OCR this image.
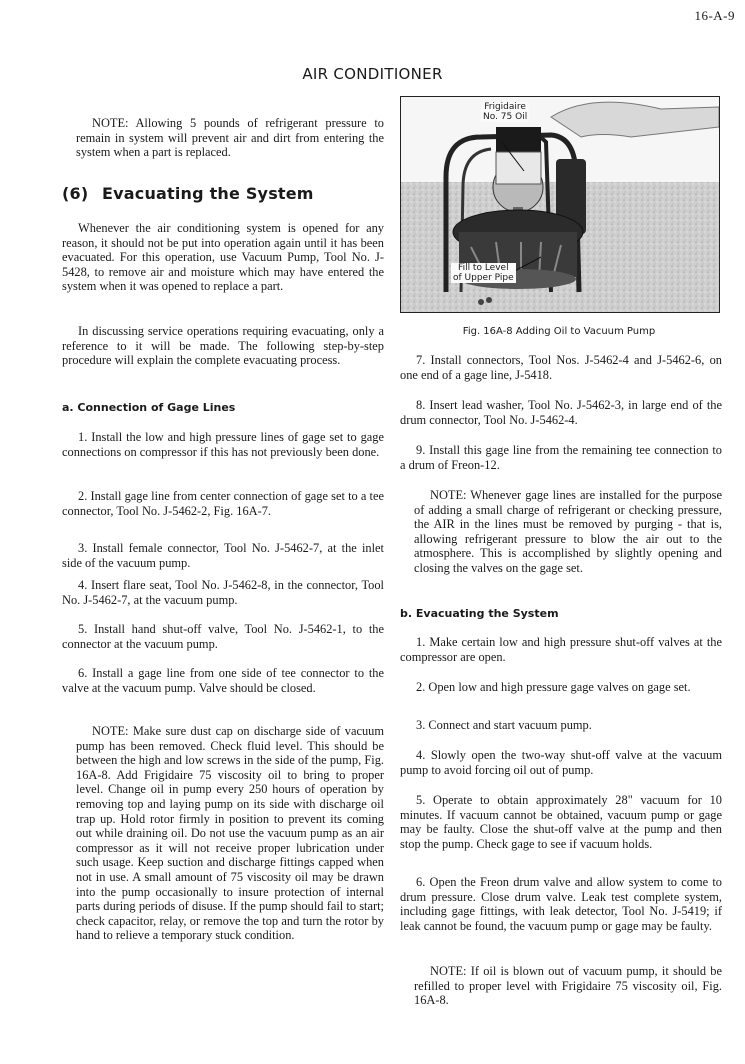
16-A-9
AIR CONDITIONER

NOTE: Allowing 5 pounds of refrigerant pressure to remain in system will prevent air and dirt from entering the system when a part is replaced.

(6) Evacuating the System

Whenever the air conditioning system is opened for any reason, it should not be put into operation again until it has been evacuated. For this operation, use Vacuum Pump, Tool No. J-5428, to remove air and moisture which may have entered the system when it was opened to replace a part.

In discussing service operations requiring evacuating, only a reference to it will be made. The following step-by-step procedure will explain the complete evacuating process.

a. Connection of Gage Lines

1. Install the low and high pressure lines of gage set to gage connections on compressor if this has not previously been done.

2. Install gage line from center connection of gage set to a tee connector, Tool No. J-5462-2, Fig. 16A-7.

3. Install female connector, Tool No. J-5462-7, at the inlet side of the vacuum pump.

4. Insert flare seat, Tool No. J-5462-8, in the connector, Tool No. J-5462-7, at the vacuum pump.

5. Install hand shut-off valve, Tool No. J-5462-1, to the connector at the vacuum pump.

6. Install a gage line from one side of tee connector to the valve at the vacuum pump. Valve should be closed.

NOTE: Make sure dust cap on discharge side of vacuum pump has been removed. Check fluid level. This should be between the high and low screws in the side of the pump, Fig. 16A-8. Add Frigidaire 75 viscosity oil to bring to proper level. Change oil in pump every 250 hours of operation by removing top and laying pump on its side with discharge oil trap up. Hold rotor firmly in position to prevent its coming out while draining oil. Do not use the vacuum pump as an air compressor as it will not receive proper lubrication under such usage. Keep suction and discharge fittings capped when not in use. A small amount of 75 viscosity oil may be drawn into the pump occasionally to insure protection of internal parts during periods of disuse. If the pump should fail to start; check capacitor, relay, or remove the top and turn the rotor by hand to relieve a temporary stuck condition.

Frigidaire
No. 75 Oil
Fill to Level
of Upper Pipe
Fig. 16A-8 Adding Oil to Vacuum Pump

7. Install connectors, Tool Nos. J-5462-4 and J-5462-6, on one end of a gage line, J-5418.

8. Insert lead washer, Tool No. J-5462-3, in large end of the drum connector, Tool No. J-5462-4.

9. Install this gage line from the remaining tee connection to a drum of Freon-12.

NOTE: Whenever gage lines are installed for the purpose of adding a small charge of refrigerant or checking pressure, the AIR in the lines must be removed by purging - that is, allowing refrigerant pressure to blow the air out to the atmosphere. This is accomplished by slightly opening and closing the valves on the gage set.

b. Evacuating the System

1. Make certain low and high pressure shut-off valves at the compressor are open.

2. Open low and high pressure gage valves on gage set.

3. Connect and start vacuum pump.

4. Slowly open the two-way shut-off valve at the vacuum pump to avoid forcing oil out of pump.

5. Operate to obtain approximately 28" vacuum for 10 minutes. If vacuum cannot be obtained, vacuum pump or gage may be faulty. Close the shut-off valve at the pump and then stop the pump. Check gage to see if vacuum holds.

6. Open the Freon drum valve and allow system to come to drum pressure. Close drum valve. Leak test complete system, including gage fittings, with leak detector, Tool No. J-5419; if leak cannot be found, the vacuum pump or gage may be faulty.

NOTE: If oil is blown out of vacuum pump, it should be refilled to proper level with Frigidaire 75 viscosity oil, Fig. 16A-8.
